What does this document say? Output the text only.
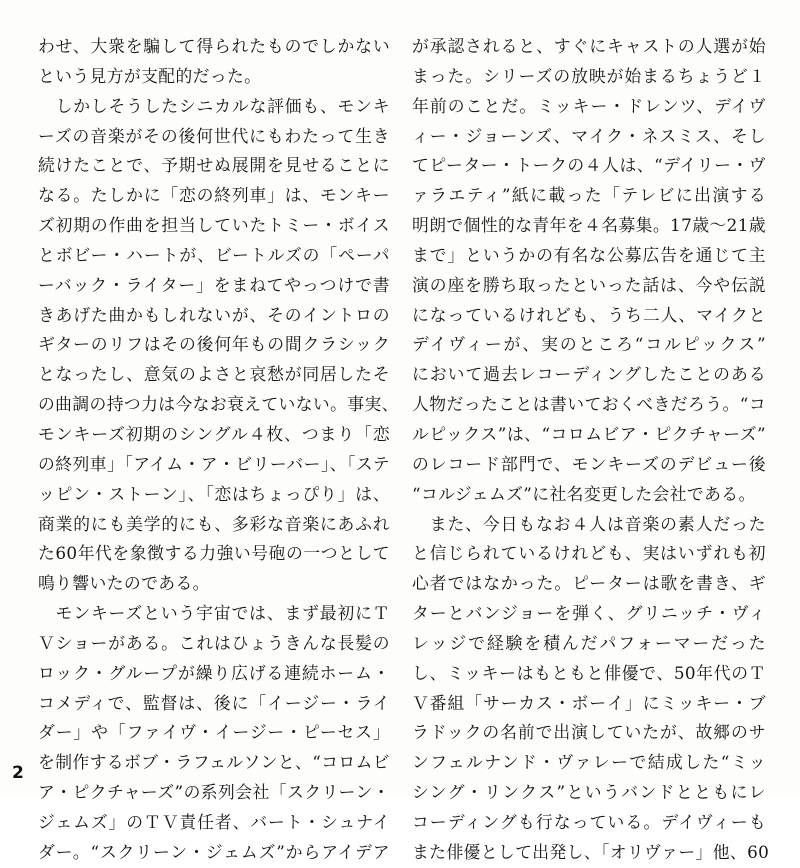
わせ、大衆を騙して得られたものでしかない
という見方が支配的だった。
　しかしそうしたシニカルな評価も、モンキ
ーズの音楽がその後何世代にもわたって生き
続けたことで、予期せぬ展開を見せることに
なる。たしかに「恋の終列車」は、モンキー
ズ初期の作曲を担当していたトミー・ボイス
とボビー・ハートが、ビートルズの「ペーパ
ーバック・ライター」をまねてやっつけで書
きあげた曲かもしれないが、そのイントロの
ギターのリフはその後何年もの間クラシック
となったし、意気のよさと哀愁が同居したそ
の曲調の持つ力は今なお衰えていない。事実、
モンキーズ初期のシングル４枚、つまり「恋
の終列車」「アイム・ア・ビリーバー」、「ステ
ッピン・ストーン」、「恋はちょっぴり」は、
商業的にも美学的にも、多彩な音楽にあふれ
た60年代を象徴する力強い号砲の一つとして
鳴り響いたのである。
　モンキーズという宇宙では、まず最初にＴ
Ｖショーがある。これはひょうきんな長髪の
ロック・グループが繰り広げる連続ホーム・
コメディで、監督は、後に「イージー・ライ
ダー」や「ファイヴ・イージー・ピーセス」
を制作するボブ・ラフェルソンと、“コロムビ
ア・ピクチャーズ”の系列会社「スクリーン・
ジェムズ」のＴＶ責任者、バート・シュナイ
ダー。“スクリーン・ジェムズ”からアイデア
が承認されると、すぐにキャストの人選が始
まった。シリーズの放映が始まるちょうど１
年前のことだ。ミッキー・ドレンツ、デイヴ
ィー・ジョーンズ、マイク・ネスミス、そし
てピーター・トークの４人は、“デイリー・ヴ
ァラエティ”紙に載った「テレビに出演する
明朗で個性的な青年を４名募集。17歳～21歳
まで」というかの有名な公募広告を通じて主
演の座を勝ち取ったといった話は、今や伝説
になっているけれども、うち二人、マイクと
デイヴィーが、実のところ“コルピックス”
において過去レコーディングしたことのある
人物だったことは書いておくべきだろう。“コ
ルピックス”は、“コロムビア・ピクチャーズ”
のレコード部門で、モンキーズのデビュー後
“コルジェムズ”に社名変更した会社である。
　また、今日もなお４人は音楽の素人だった
と信じられているけれども、実はいずれも初
心者ではなかった。ピーターは歌を書き、ギ
ターとバンジョーを弾く、グリニッチ・ヴィ
レッジで経験を積んだパフォーマーだった
し、ミッキーはもともと俳優で、50年代のＴ
Ｖ番組「サーカス・ボーイ」にミッキー・ブ
ラドックの名前で出演していたが、故郷のサ
ンフェルナンド・ヴァレーで結成した“ミッ
シング・リンクス”というバンドとともにレ
コーディングも行なっている。デイヴィーも
また俳優として出発し、「オリヴァー」他、60
2
